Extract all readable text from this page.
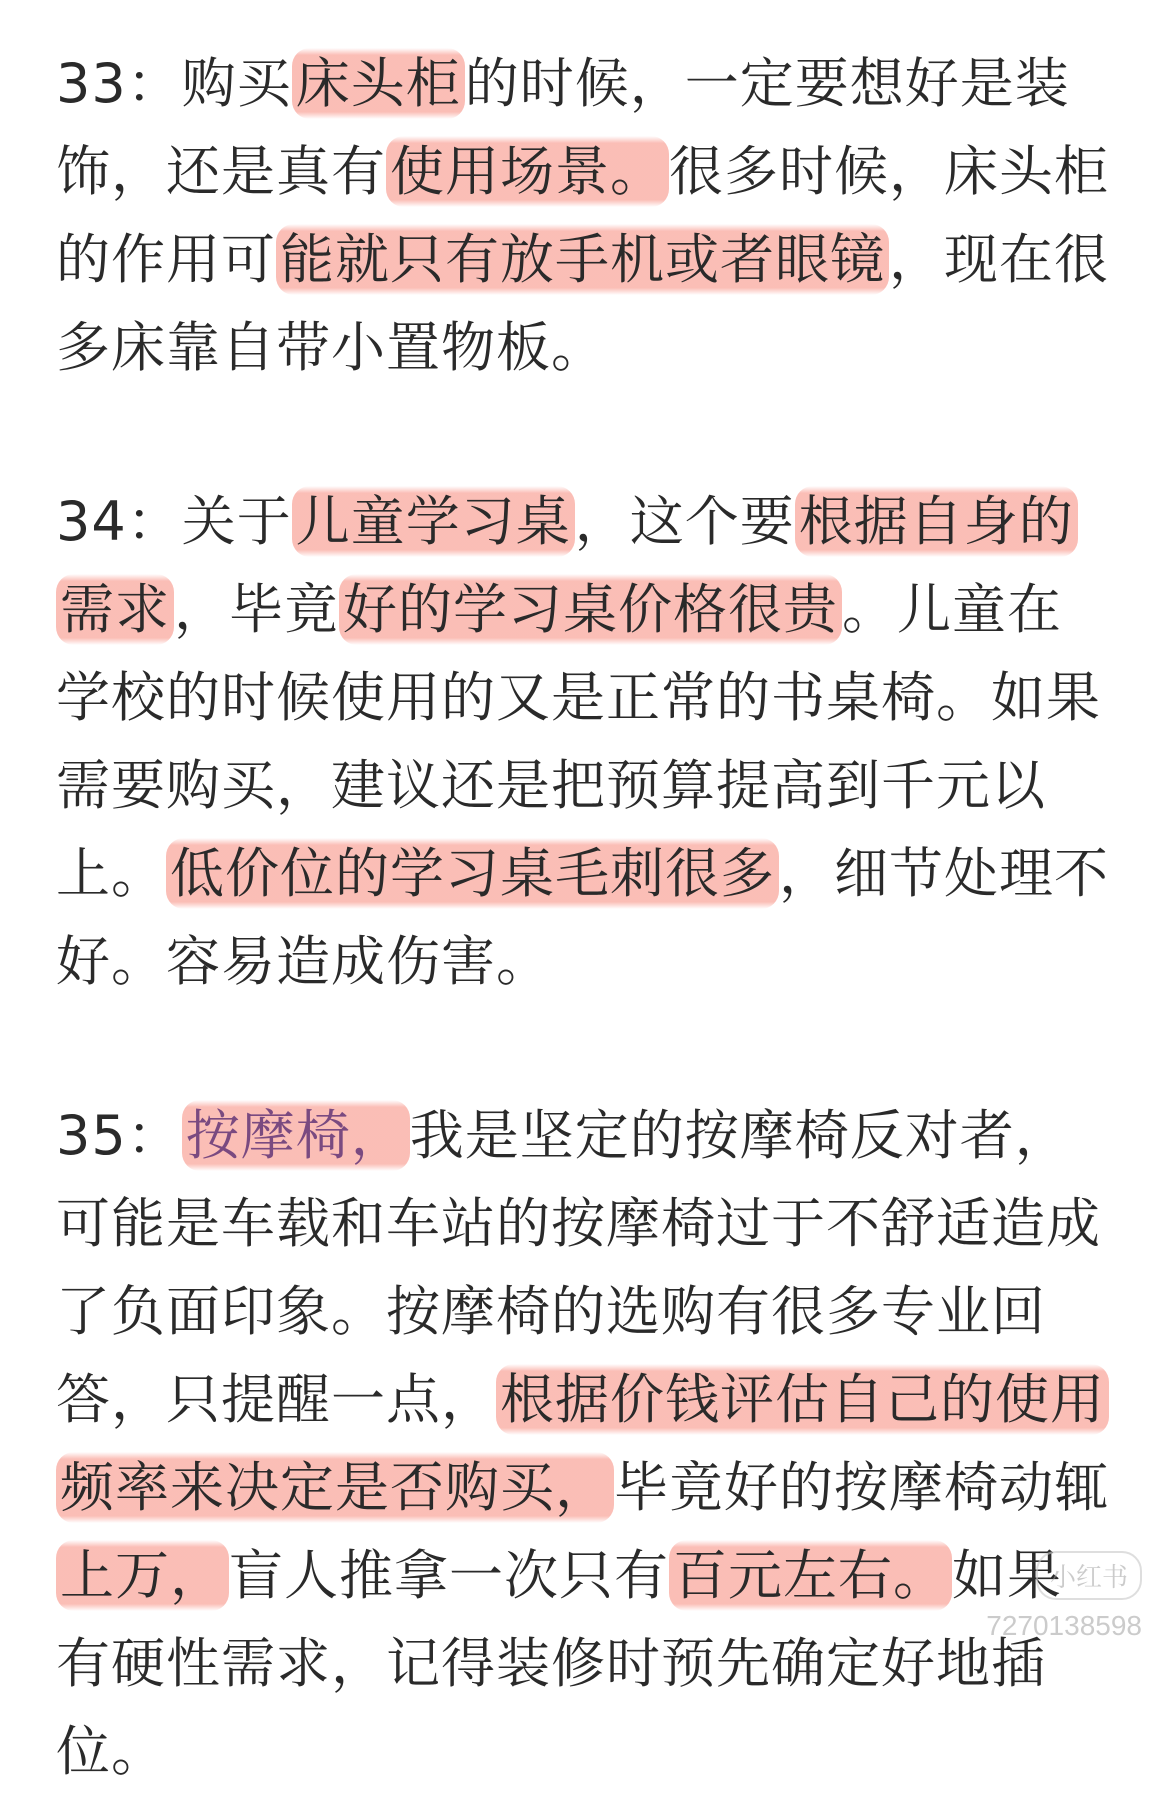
33：购买床头柜的时候，一定要想好是装饰，还是真有使用场景。很多时候，床头柜的作用可能就只有放手机或者眼镜，现在很多床靠自带小置物板。

34：关于儿童学习桌，这个要根据自身的需求，毕竟好的学习桌价格很贵。儿童在学校的时候使用的又是正常的书桌椅。如果需要购买，建议还是把预算提高到千元以上。低价位的学习桌毛刺很多，细节处理不好。容易造成伤害。

35：按摩椅，我是坚定的按摩椅反对者，可能是车载和车站的按摩椅过于不舒适造成了负面印象。按摩椅的选购有很多专业回答，只提醒一点，根据价钱评估自己的使用频率来决定是否购买，毕竟好的按摩椅动辄上万，盲人推拿一次只有百元左右。如果有硬性需求，记得装修时预先确定好地插位。

小红书
7270138598
